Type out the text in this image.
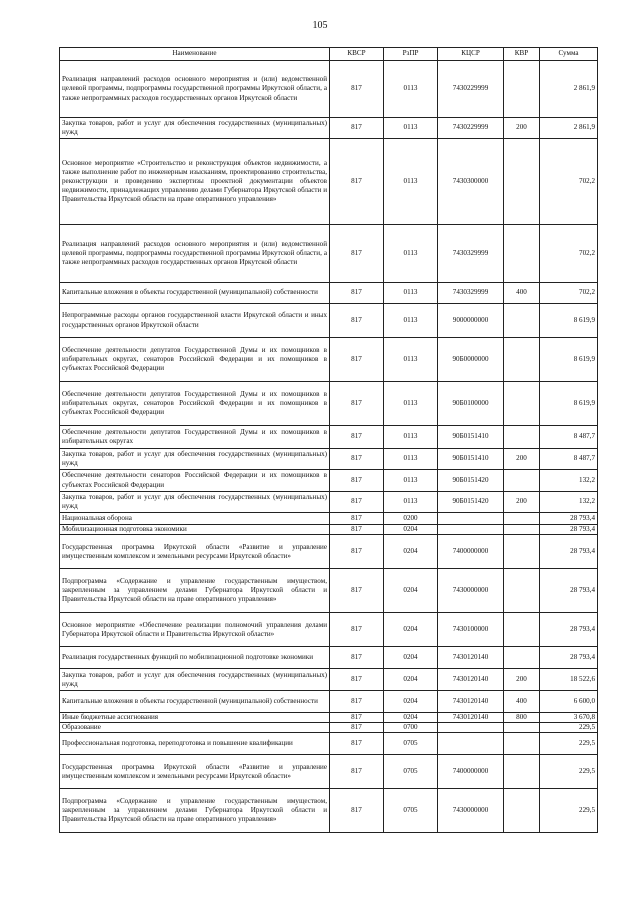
105
Наименование	КВСР	РзПР	КЦСР	КВР	Сумма
Реализация направлений расходов основного мероприятия и (или) ведомственной целевой программы, подпрограммы государственной программы Иркутской области, а также непрограммных расходов государственных органов Иркутской области	817	0113	7430229999		2 861,9
Закупка товаров, работ и услуг для обеспечения государственных (муниципальных) нужд	817	0113	7430229999	200	2 861,9
Основное мероприятие «Строительство и реконструкция объектов недвижимости, а также выполнение работ по инженерным изысканиям, проектированию строительства, реконструкции и проведению экспертизы проектной документации объектов недвижимости, принадлежащих управлению делами Губернатора Иркутской области и Правительства Иркутской области на праве оперативного управления»	817	0113	7430300000		702,2
Реализация направлений расходов основного мероприятия и (или) ведомственной целевой программы, подпрограммы государственной программы Иркутской области, а также непрограммных расходов государственных органов Иркутской области	817	0113	7430329999		702,2
Капитальные вложения в объекты государственной (муниципальной) собственности	817	0113	7430329999	400	702,2
Непрограммные расходы органов государственной власти Иркутской области и иных государственных органов Иркутской области	817	0113	9000000000		8 619,9
Обеспечение деятельности депутатов Государственной Думы и их помощников в избирательных округах, сенаторов Российской Федерации и их помощников в субъектах Российской Федерации	817	0113	90Б0000000		8 619,9
Обеспечение деятельности депутатов Государственной Думы и их помощников в избирательных округах, сенаторов Российской Федерации и их помощников в субъектах Российской Федерации	817	0113	90Б0100000		8 619,9
Обеспечение деятельности депутатов Государственной Думы и их помощников в избирательных округах	817	0113	90Б0151410		8 487,7
Закупка товаров, работ и услуг для обеспечения государственных (муниципальных) нужд	817	0113	90Б0151410	200	8 487,7
Обеспечение деятельности сенаторов Российской Федерации и их помощников в субъектах Российской Федерации	817	0113	90Б0151420		132,2
Закупка товаров, работ и услуг для обеспечения государственных (муниципальных) нужд	817	0113	90Б0151420	200	132,2
Национальная оборона	817	0200			28 793,4
Мобилизационная подготовка экономики	817	0204			28 793,4
Государственная программа Иркутской области «Развитие и управление имущественным комплексом и земельными ресурсами Иркутской области»	817	0204	7400000000		28 793,4
Подпрограмма «Содержание и управление государственным имуществом, закрепленным за управлением делами Губернатора Иркутской области и Правительства Иркутской области на праве оперативного управления»	817	0204	7430000000		28 793,4
Основное мероприятие «Обеспечение реализации полномочий управления делами Губернатора Иркутской области и Правительства Иркутской области»	817	0204	7430100000		28 793,4
Реализация государственных функций по мобилизационной подготовке экономики	817	0204	7430120140		28 793,4
Закупка товаров, работ и услуг для обеспечения государственных (муниципальных) нужд	817	0204	7430120140	200	18 522,6
Капитальные вложения в объекты государственной (муниципальной) собственности	817	0204	7430120140	400	6 600,0
Иные бюджетные ассигнования	817	0204	7430120140	800	3 670,8
Образование	817	0700			229,5
Профессиональная подготовка, переподготовка и повышение квалификации	817	0705			229,5
Государственная программа Иркутской области «Развитие и управление имущественным комплексом и земельными ресурсами Иркутской области»	817	0705	7400000000		229,5
Подпрограмма «Содержание и управление государственным имуществом, закрепленным за управлением делами Губернатора Иркутской области и Правительства Иркутской области на праве оперативного управления»	817	0705	7430000000		229,5
